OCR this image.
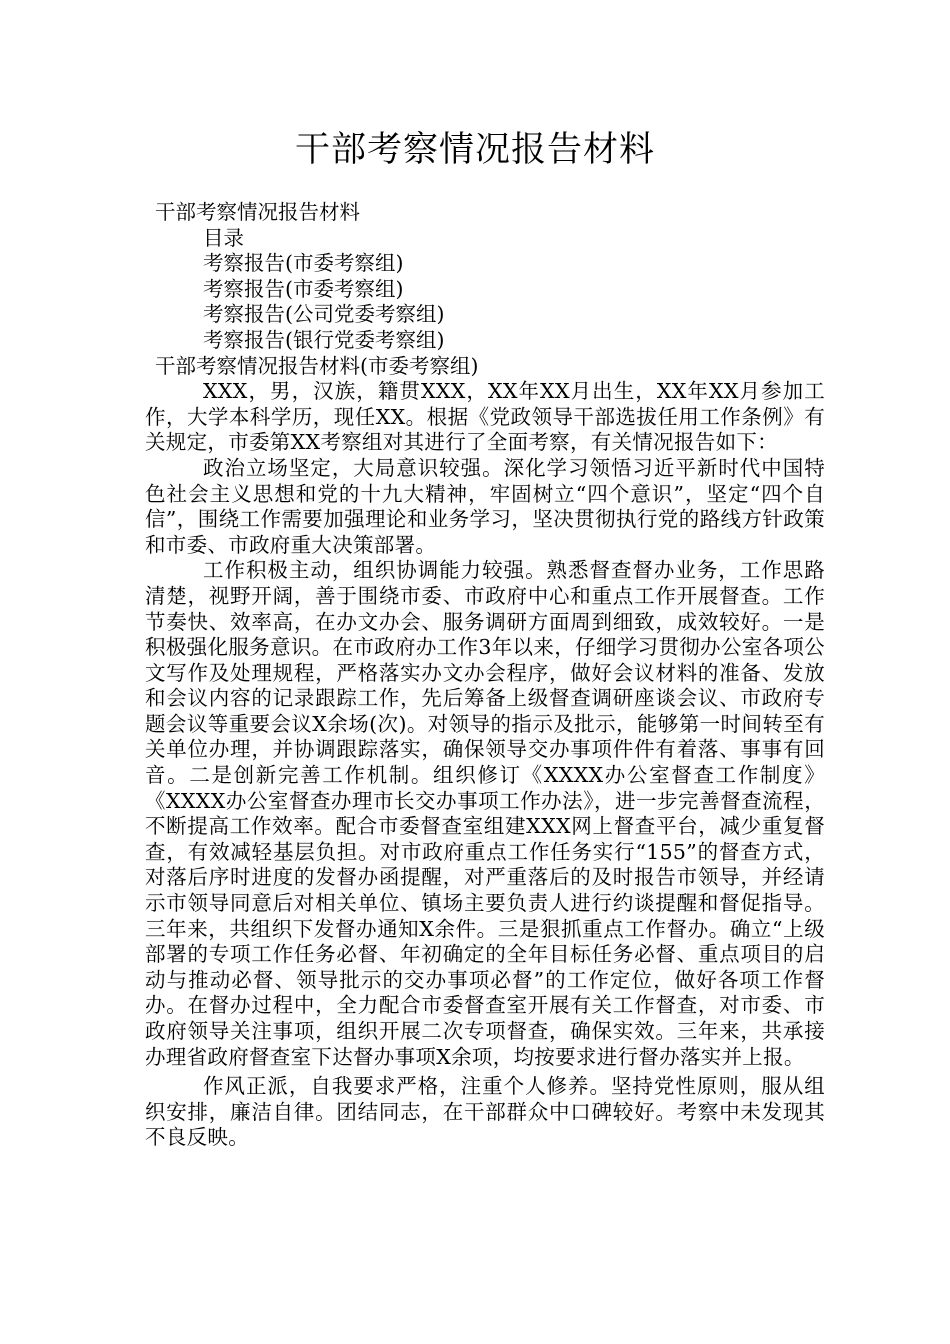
干部考察情况报告材料

干部考察情况报告材料

目录

考察报告(市委考察组)

考察报告(市委考察组)

考察报告(公司党委考察组)

考察报告(银行党委考察组)

干部考察情况报告材料(市委考察组)

XXX，男，汉族，籍贯XXX，XX年XX月出生，XX年XX月参加工作，大学本科学历，现任XX。根据《党政领导干部选拔任用工作条例》有关规定，市委第XX考察组对其进行了全面考察，有关情况报告如下：

政治立场坚定，大局意识较强。深化学习领悟习近平新时代中国特色社会主义思想和党的十九大精神，牢固树立“四个意识”，坚定“四个自信”，围绕工作需要加强理论和业务学习，坚决贯彻执行党的路线方针政策和市委、市政府重大决策部署。

工作积极主动，组织协调能力较强。熟悉督查督办业务，工作思路清楚，视野开阔，善于围绕市委、市政府中心和重点工作开展督查。工作节奏快、效率高，在办文办会、服务调研方面周到细致，成效较好。一是积极强化服务意识。在市政府办工作3年以来，仔细学习贯彻办公室各项公文写作及处理规程，严格落实办文办会程序，做好会议材料的准备、发放和会议内容的记录跟踪工作，先后筹备上级督查调研座谈会议、市政府专题会议等重要会议X余场(次)。对领导的指示及批示，能够第一时间转至有关单位办理，并协调跟踪落实，确保领导交办事项件件有着落、事事有回音。二是创新完善工作机制。组织修订《XXXX办公室督查工作制度》《XXXX办公室督查办理市长交办事项工作办法》，进一步完善督查流程，不断提高工作效率。配合市委督查室组建XXX网上督查平台，减少重复督查，有效减轻基层负担。对市政府重点工作任务实行“155”的督查方式，对落后序时进度的发督办函提醒，对严重落后的及时报告市领导，并经请示市领导同意后对相关单位、镇场主要负责人进行约谈提醒和督促指导。三年来，共组织下发督办通知X余件。三是狠抓重点工作督办。确立“上级部署的专项工作任务必督、年初确定的全年目标任务必督、重点项目的启动与推动必督、领导批示的交办事项必督”的工作定位，做好各项工作督办。在督办过程中，全力配合市委督查室开展有关工作督查，对市委、市政府领导关注事项，组织开展二次专项督查，确保实效。三年来，共承接办理省政府督查室下达督办事项X余项，均按要求进行督办落实并上报。

作风正派，自我要求严格，注重个人修养。坚持党性原则，服从组织安排，廉洁自律。团结同志，在干部群众中口碑较好。考察中未发现其不良反映。
